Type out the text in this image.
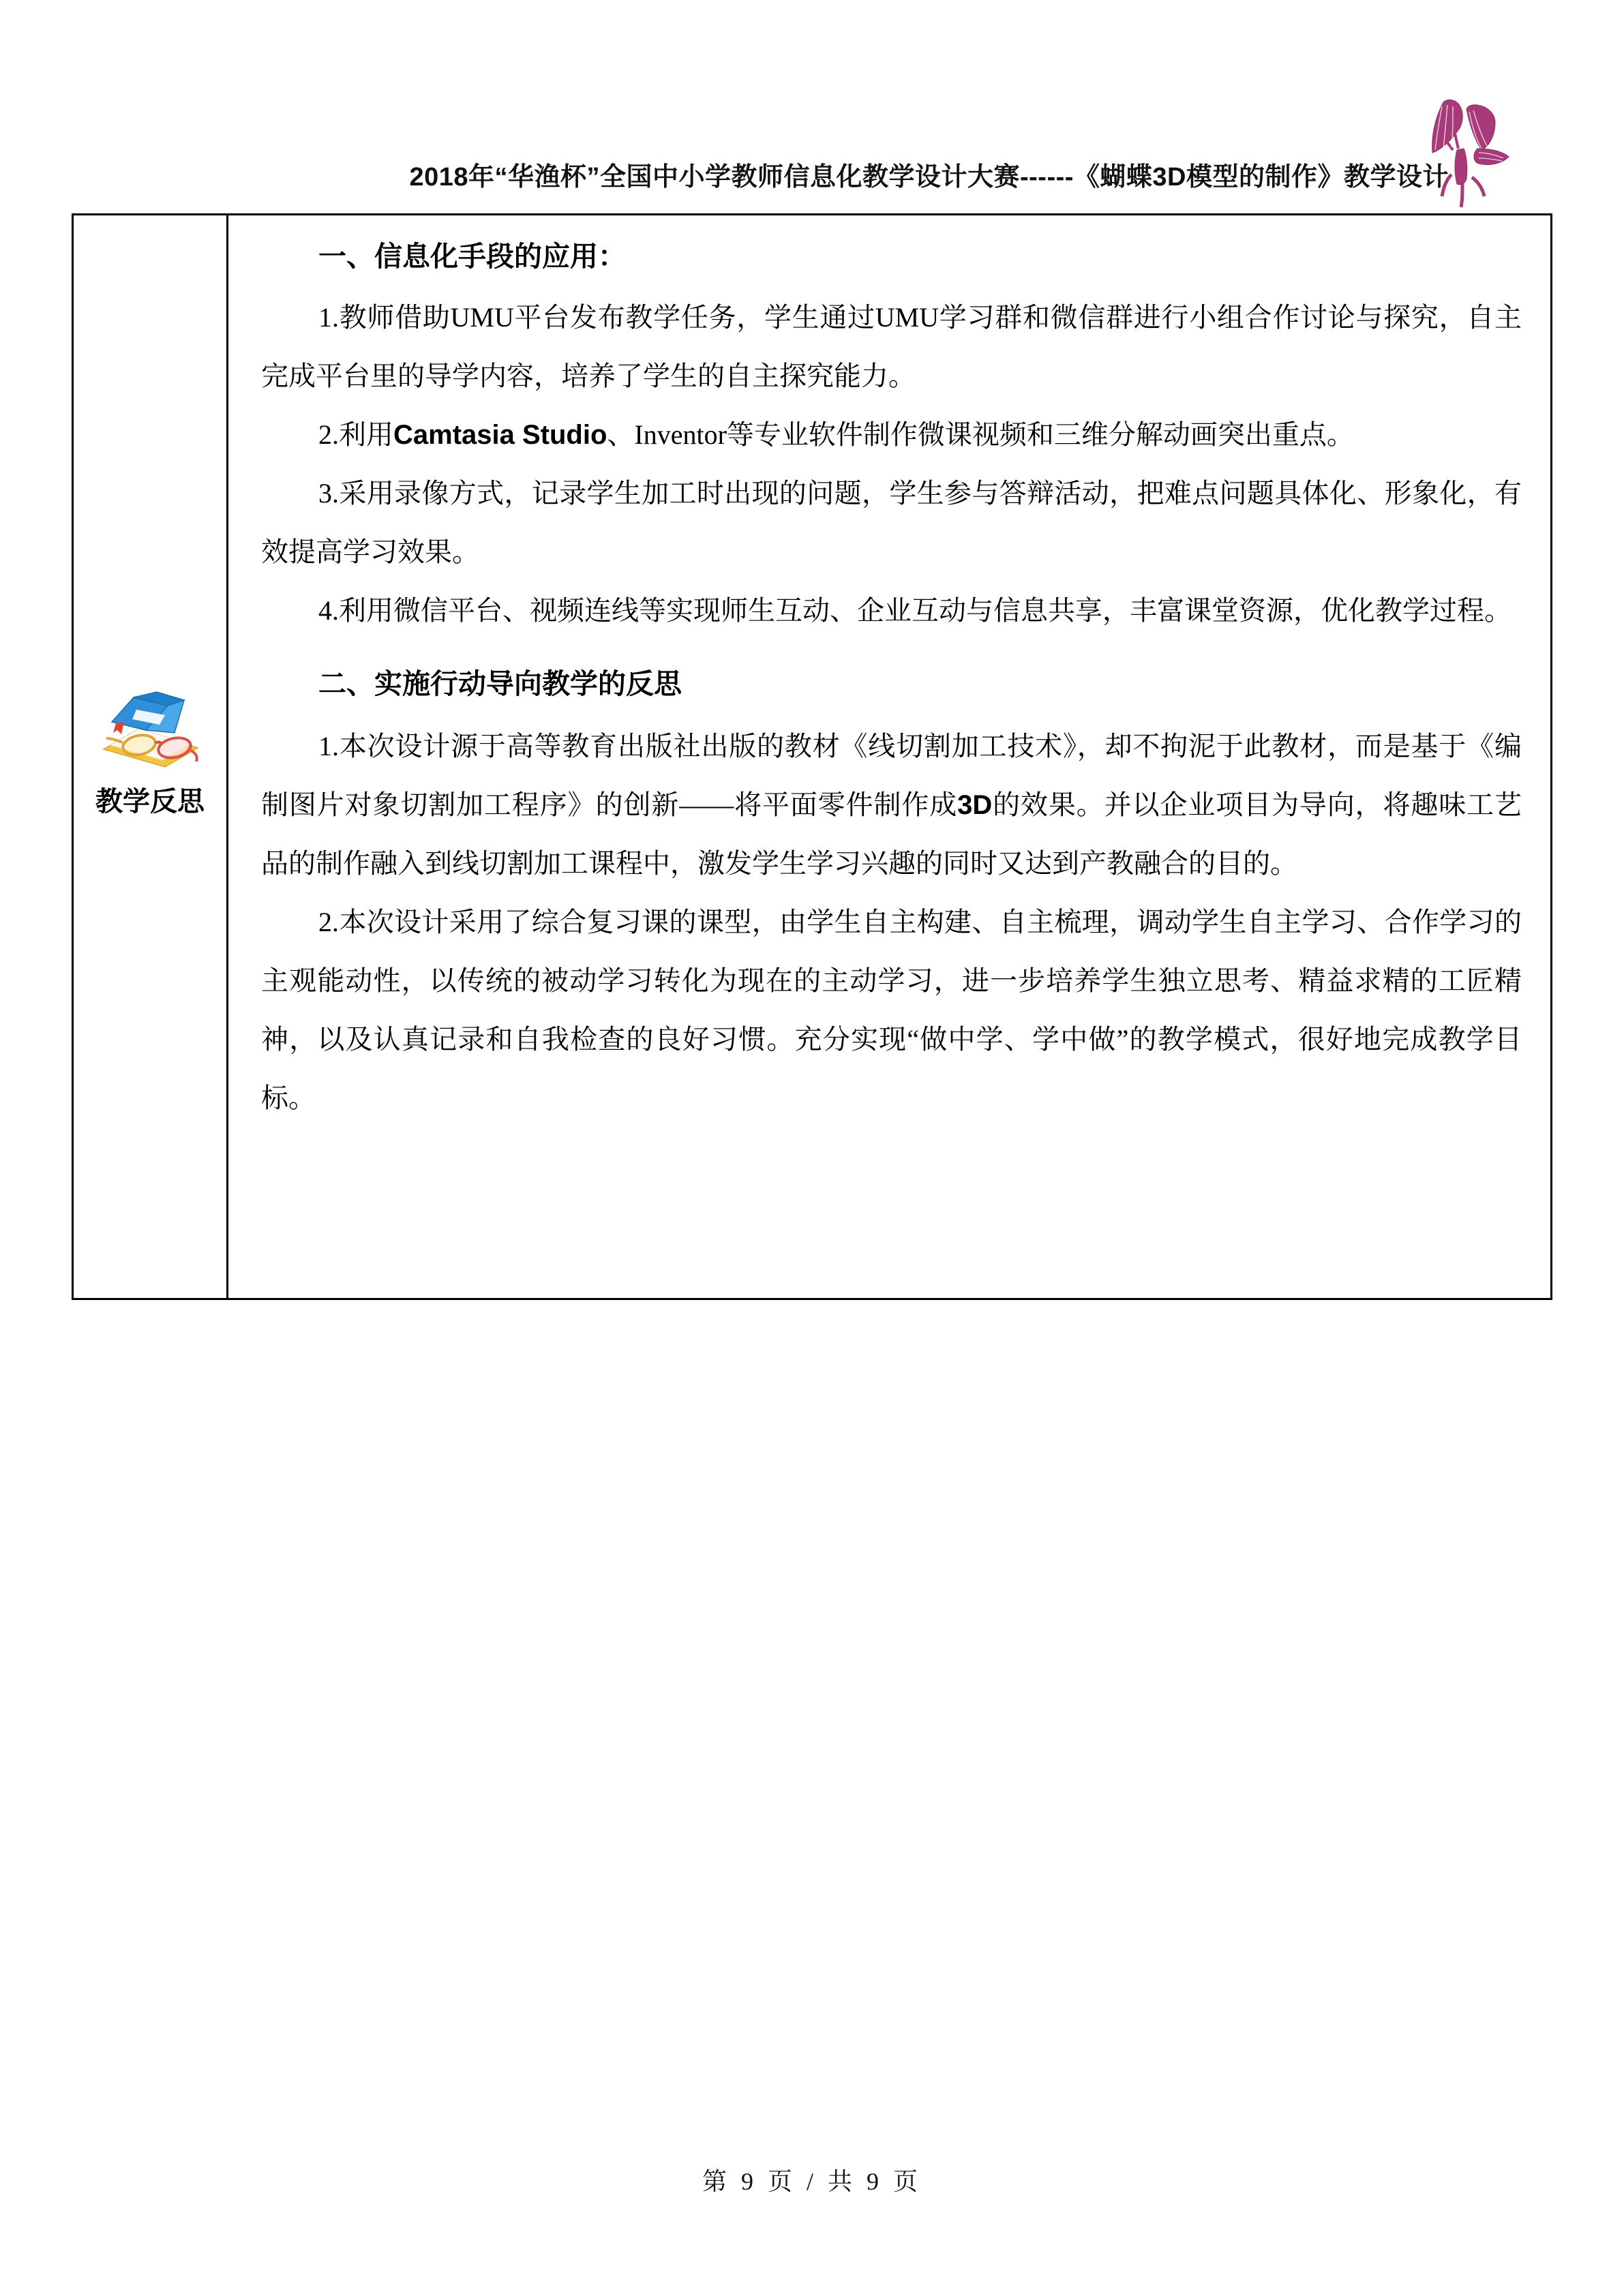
2018年“华渔杯”全国中小学教师信息化教学设计大赛------《蝴蝶3D模型的制作》教学设计
教学反思

一、信息化手段的应用：

1.教师借助UMU平台发布教学任务，学生通过UMU学习群和微信群进行小组合作讨论与探究，自主完成平台里的导学内容，培养了学生的自主探究能力。

2.利用Camtasia Studio、Inventor等专业软件制作微课视频和三维分解动画突出重点。

3.采用录像方式，记录学生加工时出现的问题，学生参与答辩活动，把难点问题具体化、形象化，有效提高学习效果。

4.利用微信平台、视频连线等实现师生互动、企业互动与信息共享，丰富课堂资源，优化教学过程。

二、实施行动导向教学的反思

1.本次设计源于高等教育出版社出版的教材《线切割加工技术》，却不拘泥于此教材，而是基于《编制图片对象切割加工程序》的创新——将平面零件制作成3D的效果。并以企业项目为导向，将趣味工艺品的制作融入到线切割加工课程中，激发学生学习兴趣的同时又达到产教融合的目的。

2.本次设计采用了综合复习课的课型，由学生自主构建、自主梳理，调动学生自主学习、合作学习的主观能动性，以传统的被动学习转化为现在的主动学习，进一步培养学生独立思考、精益求精的工匠精神，以及认真记录和自我检查的良好习惯。充分实现“做中学、学中做”的教学模式，很好地完成教学目标。

第 9 页 / 共 9 页
